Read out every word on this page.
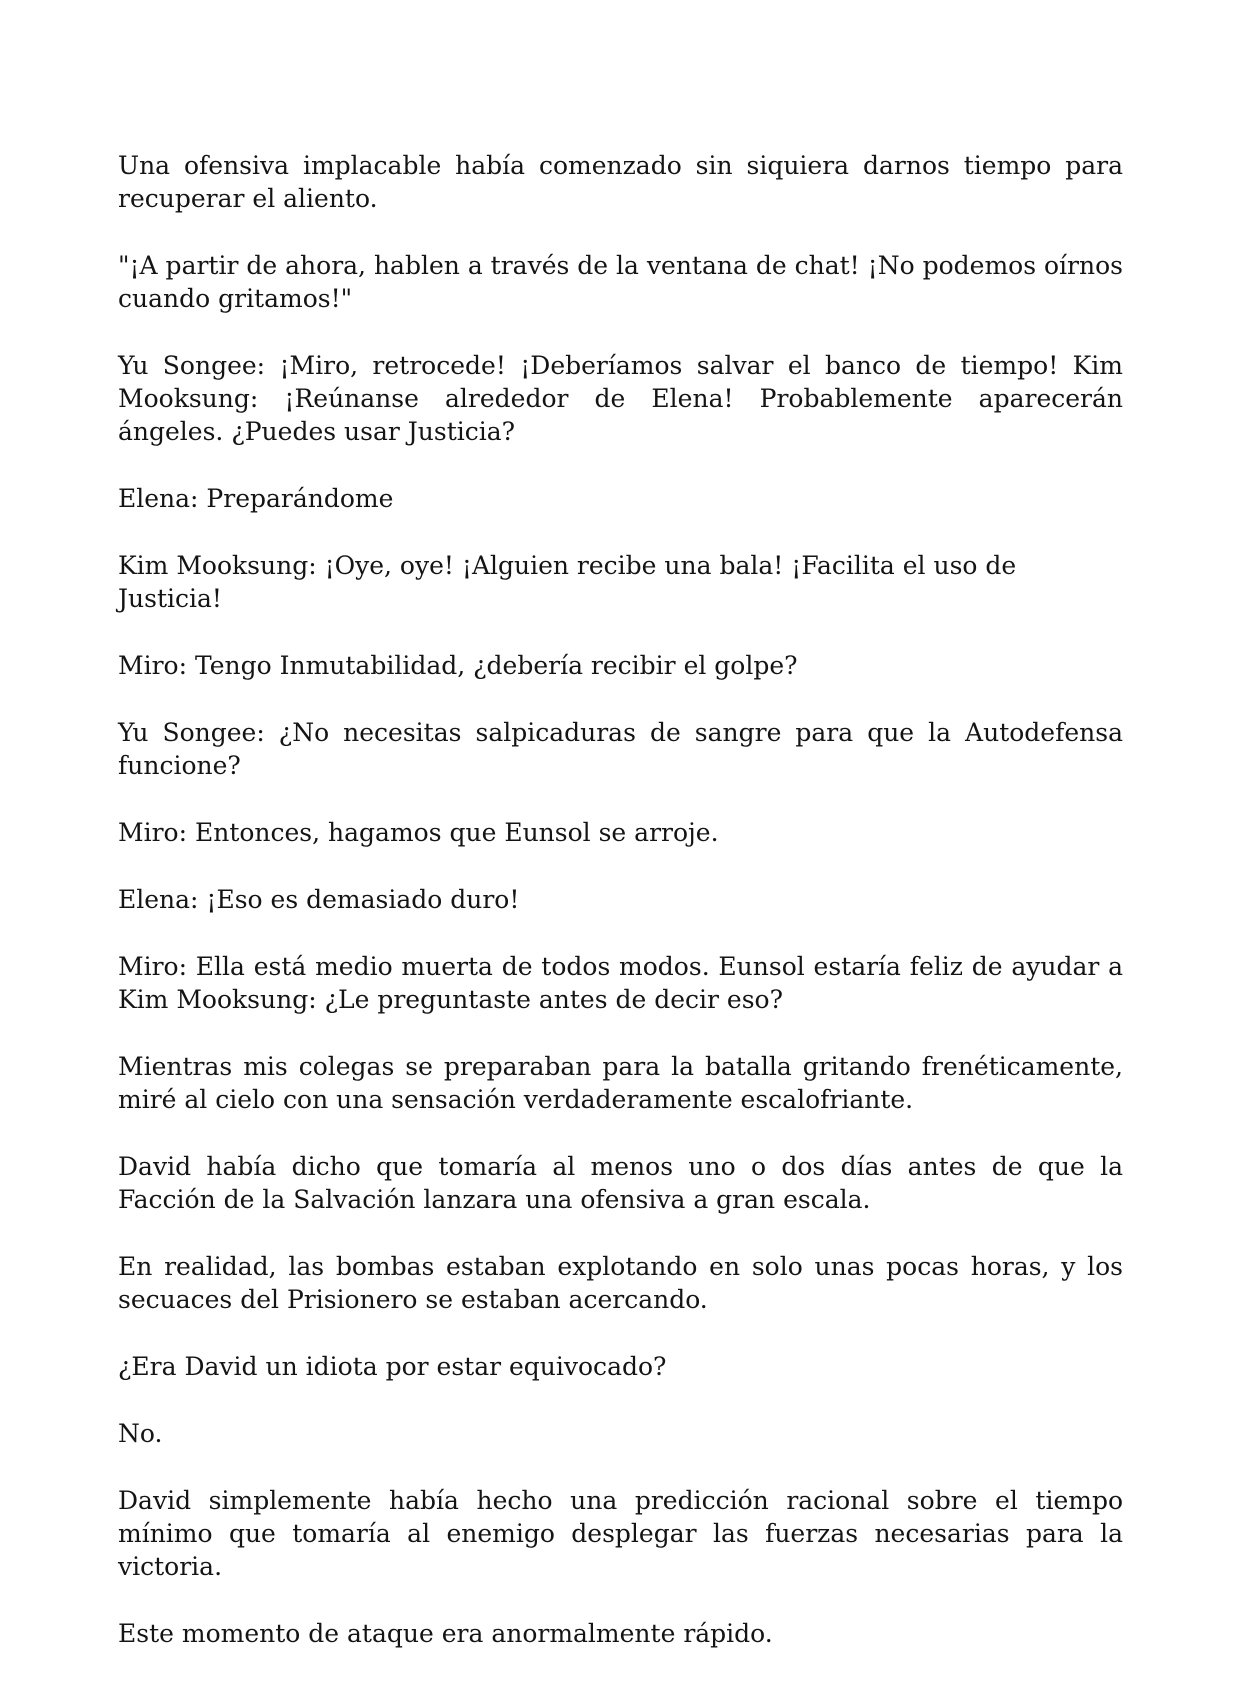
Una ofensiva implacable había comenzado sin siquiera darnos tiempo para recuperar el aliento.

"¡A partir de ahora, hablen a través de la ventana de chat! ¡No podemos oírnos cuando gritamos!"

Yu Songee: ¡Miro, retrocede! ¡Deberíamos salvar el banco de tiempo! Kim Mooksung: ¡Reúnanse alrededor de Elena! Probablemente aparecerán ángeles. ¿Puedes usar Justicia?

Elena: Preparándome

Kim Mooksung: ¡Oye, oye! ¡Alguien recibe una bala! ¡Facilita el uso de Justicia!

Miro: Tengo Inmutabilidad, ¿debería recibir el golpe?

Yu Songee: ¿No necesitas salpicaduras de sangre para que la Autodefensa funcione?

Miro: Entonces, hagamos que Eunsol se arroje.

Elena: ¡Eso es demasiado duro!

Miro: Ella está medio muerta de todos modos. Eunsol estaría feliz de ayudar a Kim Mooksung: ¿Le preguntaste antes de decir eso?

Mientras mis colegas se preparaban para la batalla gritando frenéticamente, miré al cielo con una sensación verdaderamente escalofriante.

David había dicho que tomaría al menos uno o dos días antes de que la Facción de la Salvación lanzara una ofensiva a gran escala.

En realidad, las bombas estaban explotando en solo unas pocas horas, y los secuaces del Prisionero se estaban acercando.

¿Era David un idiota por estar equivocado?

No.

David simplemente había hecho una predicción racional sobre el tiempo mínimo que tomaría al enemigo desplegar las fuerzas necesarias para la victoria.

Este momento de ataque era anormalmente rápido.
